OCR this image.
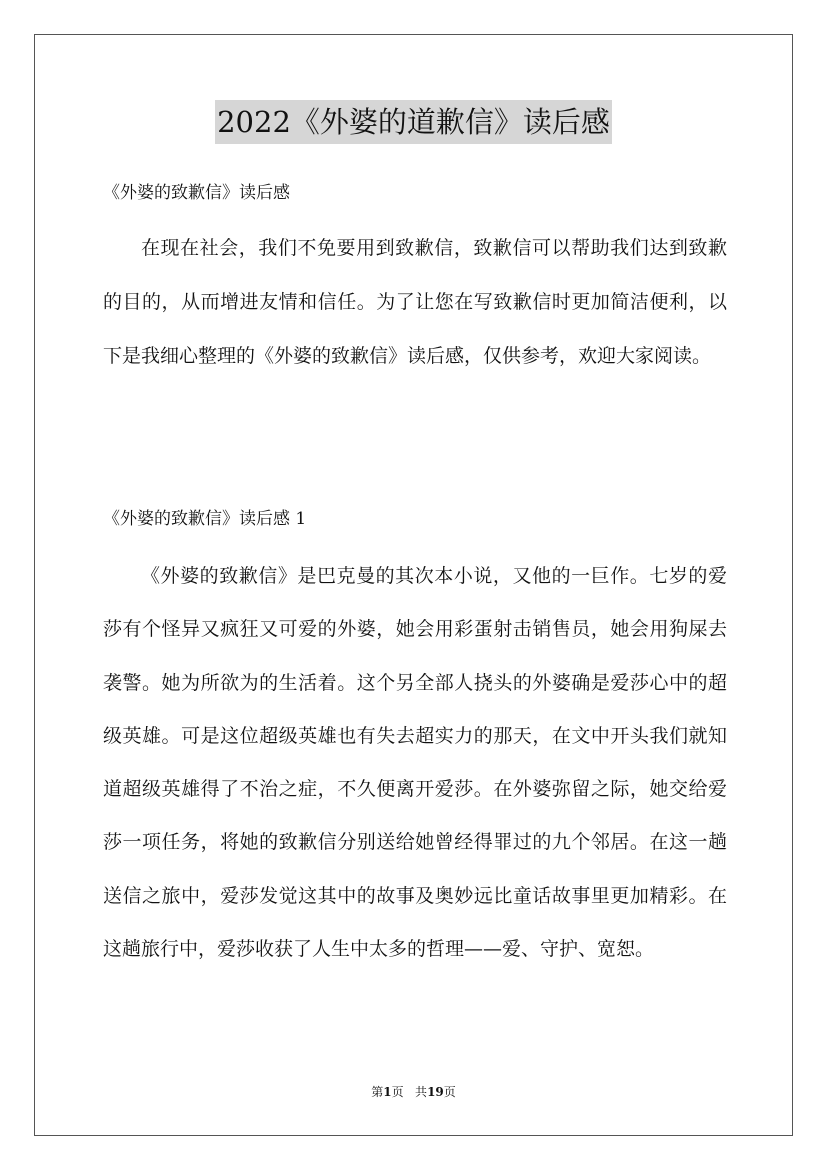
2022《外婆的道歉信》读后感
《外婆的致歉信》读后感

在现在社会，我们不免要用到致歉信，致歉信可以帮助我们达到致歉的目的，从而增进友情和信任。为了让您在写致歉信时更加简洁便利，以下是我细心整理的《外婆的致歉信》读后感，仅供参考，欢迎大家阅读。

《外婆的致歉信》读后感 1

《外婆的致歉信》是巴克曼的其次本小说，又他的一巨作。七岁的爱莎有个怪异又疯狂又可爱的外婆，她会用彩蛋射击销售员，她会用狗屎去袭警。她为所欲为的生活着。这个另全部人挠头的外婆确是爱莎心中的超级英雄。可是这位超级英雄也有失去超实力的那天，在文中开头我们就知道超级英雄得了不治之症，不久便离开爱莎。在外婆弥留之际，她交给爱莎一项任务，将她的致歉信分别送给她曾经得罪过的九个邻居。在这一趟送信之旅中，爱莎发觉这其中的故事及奥妙远比童话故事里更加精彩。在这趟旅行中，爱莎收获了人生中太多的哲理——爱、守护、宽恕。

第1页 共19页
